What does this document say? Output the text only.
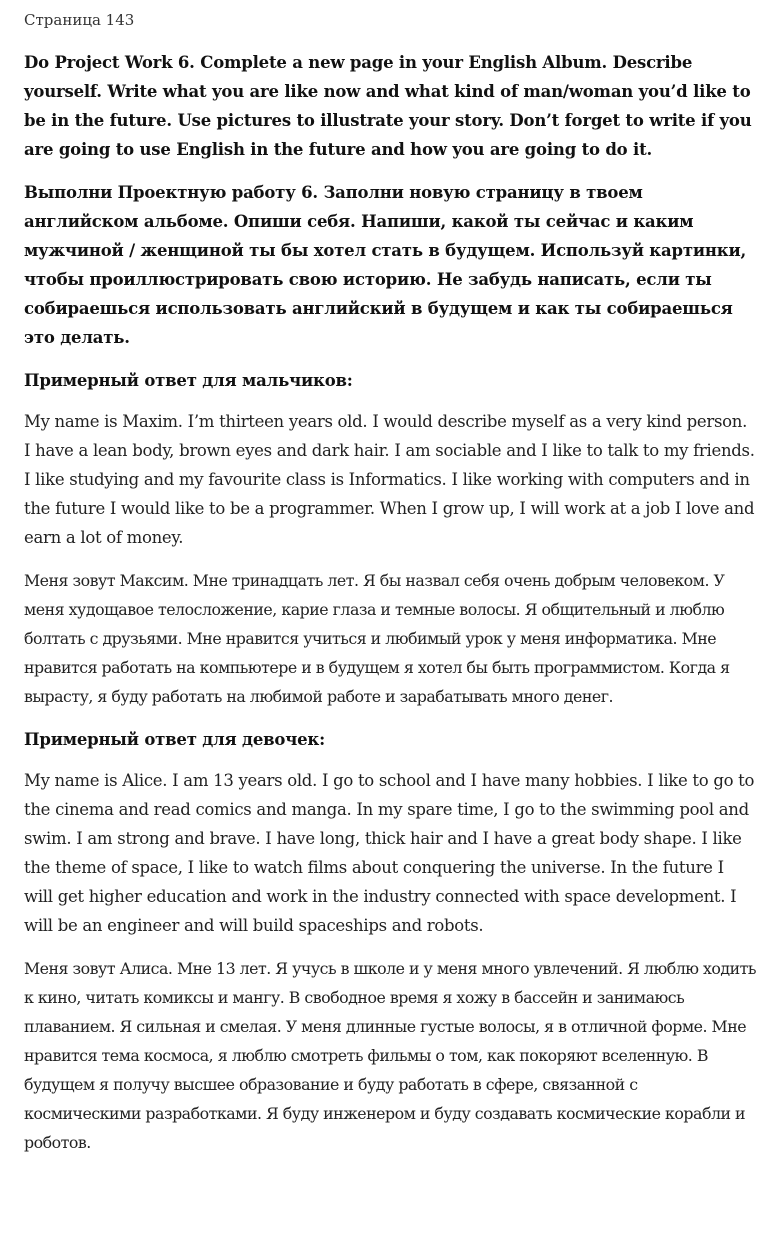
Страница 143

Do Project Work 6. Complete a new page in your English Album. Describe yourself. Write what you are like now and what kind of man/woman you’d like to be in the future. Use pictures to illustrate your story. Don’t forget to write if you are going to use English in the future and how you are going to do it.

Выполни Проектную работу 6. Заполни новую страницу в твоем английском альбоме. Опиши себя. Напиши, какой ты сейчас и каким мужчиной / женщиной ты бы хотел стать в будущем. Используй картинки, чтобы проиллюстрировать свою историю. Не забудь написать, если ты собираешься использовать английский в будущем и как ты собираешься это делать.

Примерный ответ для мальчиков:

My name is Maxim. I’m thirteen years old. I would describe myself as a very kind person. I have a lean body, brown eyes and dark hair. I am sociable and I like to talk to my friends. I like studying and my favourite class is Informatics. I like working with computers and in the future I would like to be a programmer. When I grow up, I will work at a job I love and earn a lot of money.

Меня зовут Максим. Мне тринадцать лет. Я бы назвал себя очень добрым человеком. У меня худощавое телосложение, карие глаза и темные волосы. Я общительный и люблю болтать с друзьями. Мне нравится учиться и любимый урок у меня информатика. Мне нравится работать на компьютере и в будущем я хотел бы быть программистом. Когда я вырасту, я буду работать на любимой работе и зарабатывать много денег.

Примерный ответ для девочек:

My name is Alice. I am 13 years old. I go to school and I have many hobbies. I like to go to the cinema and read comics and manga. In my spare time, I go to the swimming pool and swim. I am strong and brave. I have long, thick hair and I have a great body shape. I like the theme of space, I like to watch films about conquering the universe. In the future I will get higher education and work in the industry connected with space development. I will be an engineer and will build spaceships and robots.

Меня зовут Алиса. Мне 13 лет. Я учусь в школе и у меня много увлечений. Я люблю ходить к кино, читать комиксы и мангу. В свободное время я хожу в бассейн и занимаюсь плаванием. Я сильная и смелая. У меня длинные густые волосы, я в отличной форме. Мне нравится тема космоса, я люблю смотреть фильмы о том, как покоряют вселенную. В будущем я получу высшее образование и буду работать в сфере, связанной с космическими разработками. Я буду инженером и буду создавать космические корабли и роботов.
